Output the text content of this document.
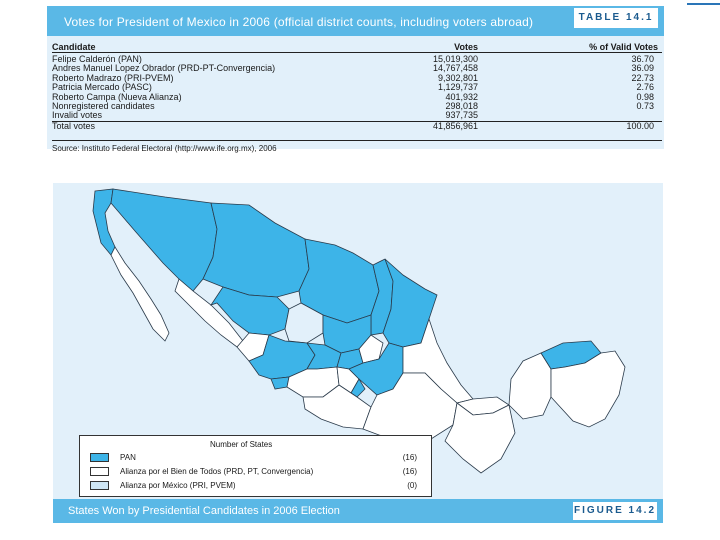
Votes for President of Mexico in 2006 (official district counts, including voters abroad)	TABLE 14.1
Candidate	Votes	% of Valid Votes
Felipe Calderón (PAN)	15,019,300	36.70
Andres Manuel Lopez Obrador (PRD-PT-Convergencia)	14,767,458	36.09
Roberto Madrazo (PRI-PVEM)	9,302,801	22.73
Patricia Mercado (PASC)	1,129,737	2.76
Roberto Campa (Nueva Alianza)	401,932	0.98
Nonregistered candidates	298,018	0.73
Invalid votes	937,735
Total votes	41,856,961	100.00
Source: Instituto Federal Electoral (http://www.ife.org.mx), 2006
Number of States
PAN	(16)
Alianza por el Bien de Todos (PRD, PT, Convergencia)	(16)
Alianza por México (PRI, PVEM)	(0)
States Won by Presidential Candidates in 2006 Election	FIGURE 14.2
